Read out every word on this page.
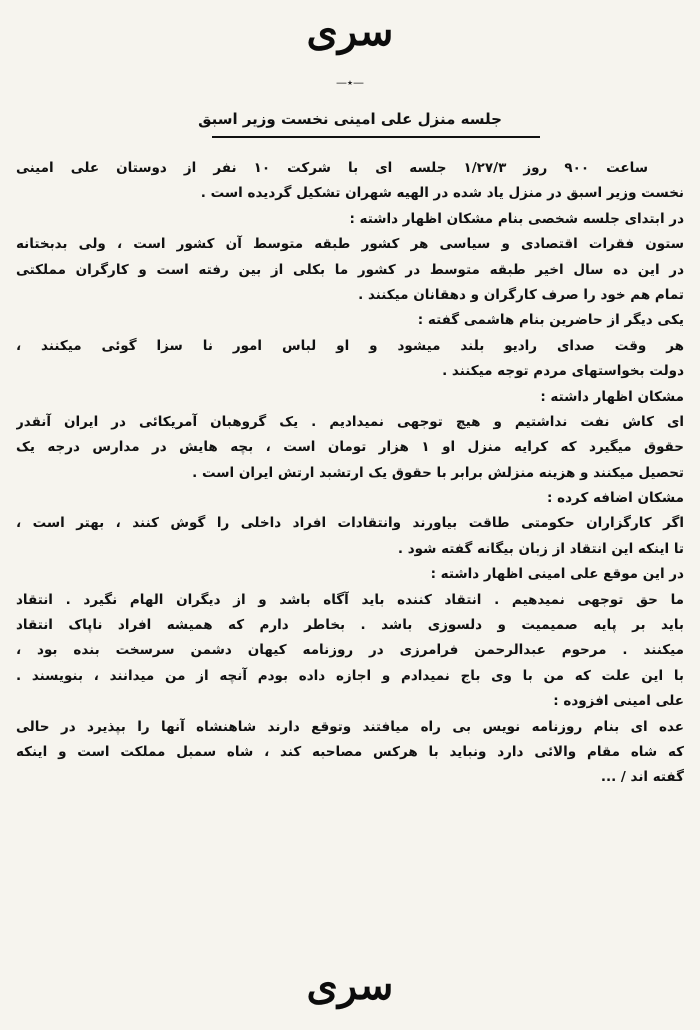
سری
—٭—
جلسه منزل علی امینی نخست وزیر اسبق
ساعت ۹۰۰ روز ۱/۲۷/۳ جلسه ای با شرکت ۱۰ نفر از دوستان علی امینی
نخست وزیر اسبق در منزل یاد شده در الهیه شهران تشکیل گردیده است .
در ابتدای جلسه شخصی بنام مشکان اظهار داشته :
ستون فقرات اقتصادی و سیاسی هر کشور طبقه متوسط آن کشور است ، ولی بدبختانه
در این ده سال اخیر طبقه متوسط در کشور ما بکلی از بین رفته است و کارگران مملکتی
تمام هم خود را صرف کارگران و دهقانان میکنند .
یکی دیگر از حاضرین بنام هاشمی گفته :
هر وقت صدای رادیو بلند میشود و او لباس امور نا سزا گوئی میکنند ،
دولت بخواستهای مردم توجه میکنند .
مشکان اظهار داشته :
ای کاش نفت نداشتیم و هیچ توجهی نمیدادیم . یک گروهبان آمریکائی در ایران آنقدر
حقوق میگیرد که کرایه منزل او ۱ هزار تومان است ، بچه هایش در مدارس درجه یک
تحصیل میکنند و هزینه منزلش برابر با حقوق یک ارتشبد ارتش ایران است .
مشکان اضافه کرده :
اگر کارگزاران حکومتی طاقت بیاورند وانتقادات افراد داخلی را گوش کنند ، بهتر است ،
تا اینکه این انتقاد از زبان بیگانه گفته شود .
در این موقع علی امینی اظهار داشته :
ما حق توجهی نمیدهیم . انتقاد کننده باید آگاه باشد و از دیگران الهام نگیرد . انتقاد
باید بر پایه صمیمیت و دلسوزی باشد . بخاطر دارم که همیشه افراد ناپاک انتقاد
میکنند . مرحوم عبدالرحمن فرامرزی در روزنامه کیهان دشمن سرسخت بنده بود ،
با این علت که من با وی باج نمیدادم و اجازه داده بودم آنچه از من میدانند ، بنویسند .
علی امینی افزوده :
عده ای بنام روزنامه نویس بی راه میافتند وتوقع دارند شاهنشاه آنها را بپذیرد در حالی
که شاه مقام والائی دارد ونباید با هرکس مصاحبه کند ، شاه سمبل مملکت است و اینکه
گفته اند / ...
سری
